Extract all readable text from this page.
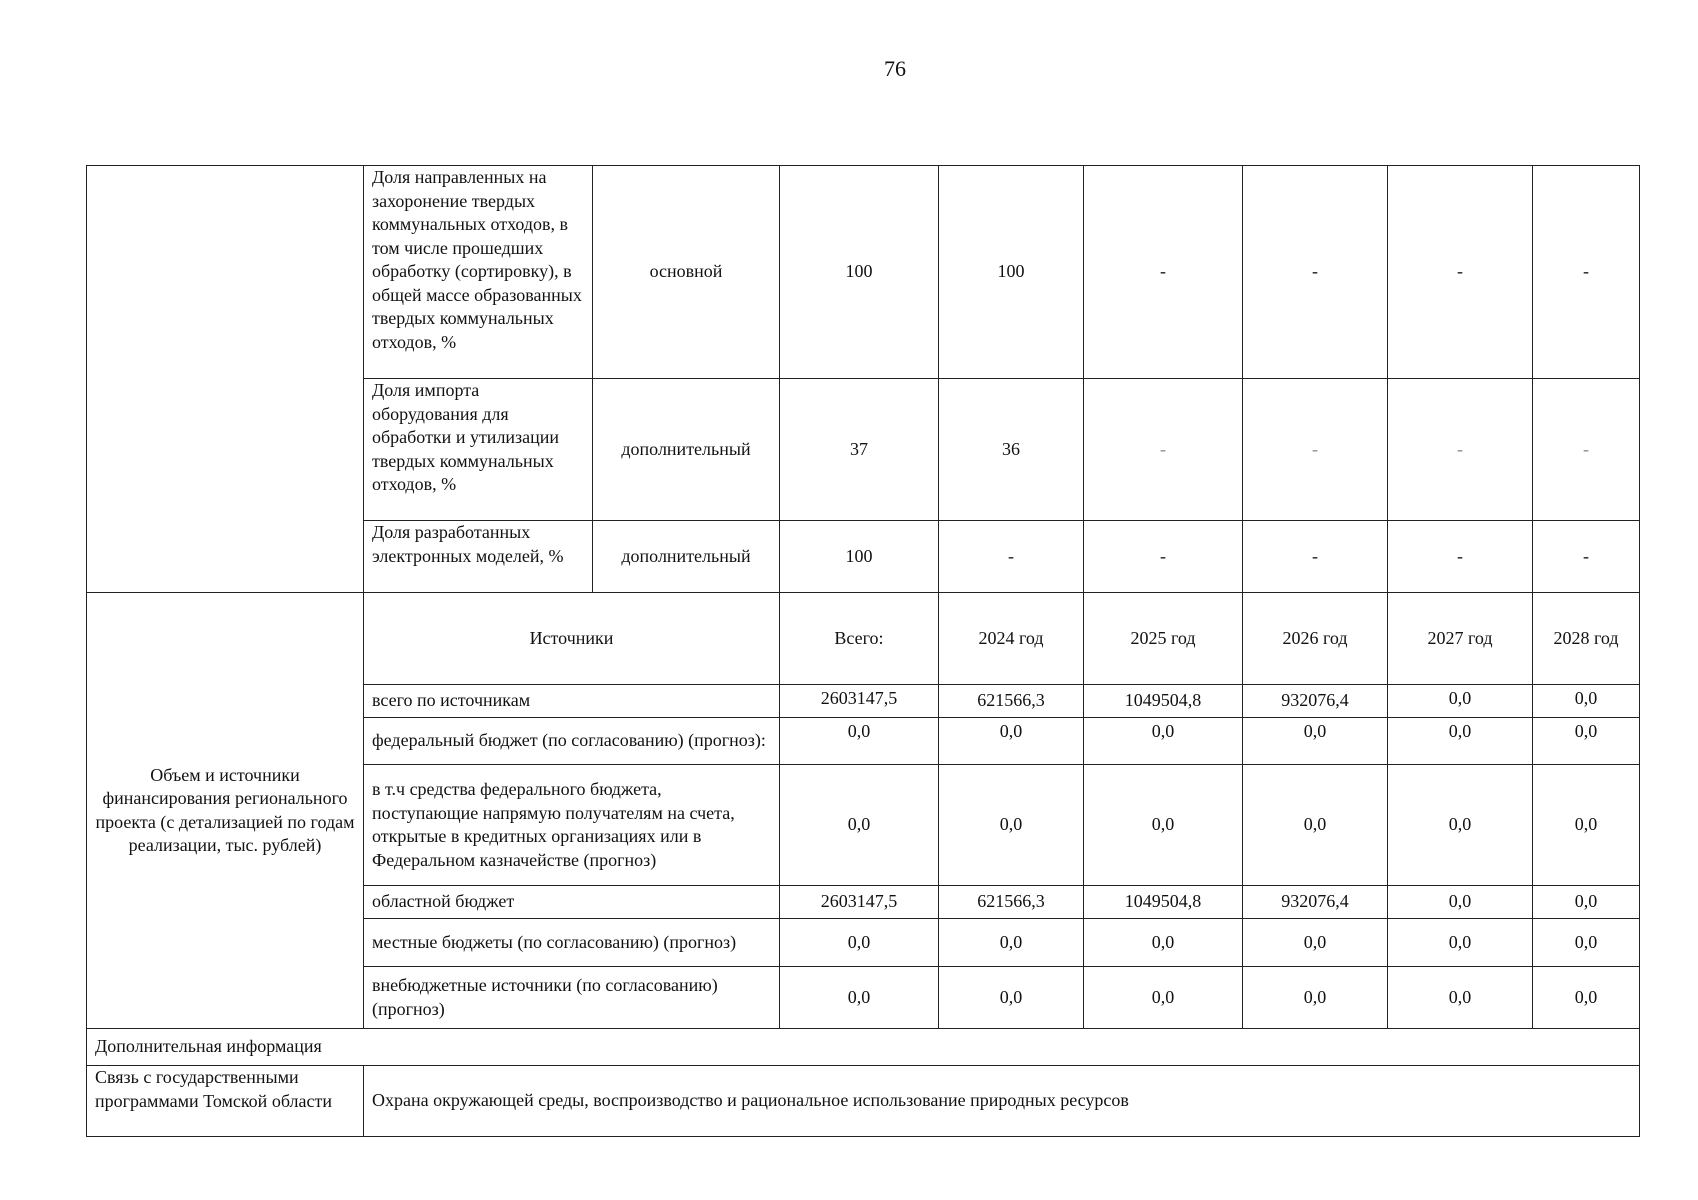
76
	Доля направленных на захоронение твердых коммунальных отходов, в том числе прошедших обработку (сортировку), в общей массе образованных твердых коммунальных отходов, %	основной	100	100	-	-	-	-
	Доля импорта оборудования для обработки и утилизации твердых коммунальных отходов, %	дополнительный	37	36	-	-	-	-
	Доля разработанных электронных моделей, %	дополнительный	100	-	-	-	-	-
Объем и источники финансирования регионального проекта (с детализацией по годам реализации, тыс. рублей)	Источники		Всего:	2024 год	2025 год	2026 год	2027 год	2028 год
	всего по источникам		2603147,5	621566,3	1049504,8	932076,4	0,0	0,0
	федеральный бюджет (по согласованию) (прогноз):		0,0	0,0	0,0	0,0	0,0	0,0
	в т.ч средства федерального бюджета, поступающие напрямую получателям на счета, открытые в кредитных организациях или в Федеральном казначействе (прогноз)		0,0	0,0	0,0	0,0	0,0	0,0
	областной бюджет		2603147,5	621566,3	1049504,8	932076,4	0,0	0,0
	местные бюджеты (по согласованию) (прогноз)		0,0	0,0	0,0	0,0	0,0	0,0
	внебюджетные источники (по согласованию) (прогноз)		0,0	0,0	0,0	0,0	0,0	0,0
Дополнительная информация								
Связь с государственными программами Томской области	Охрана окружающей среды, воспроизводство и рациональное использование природных ресурсов							
